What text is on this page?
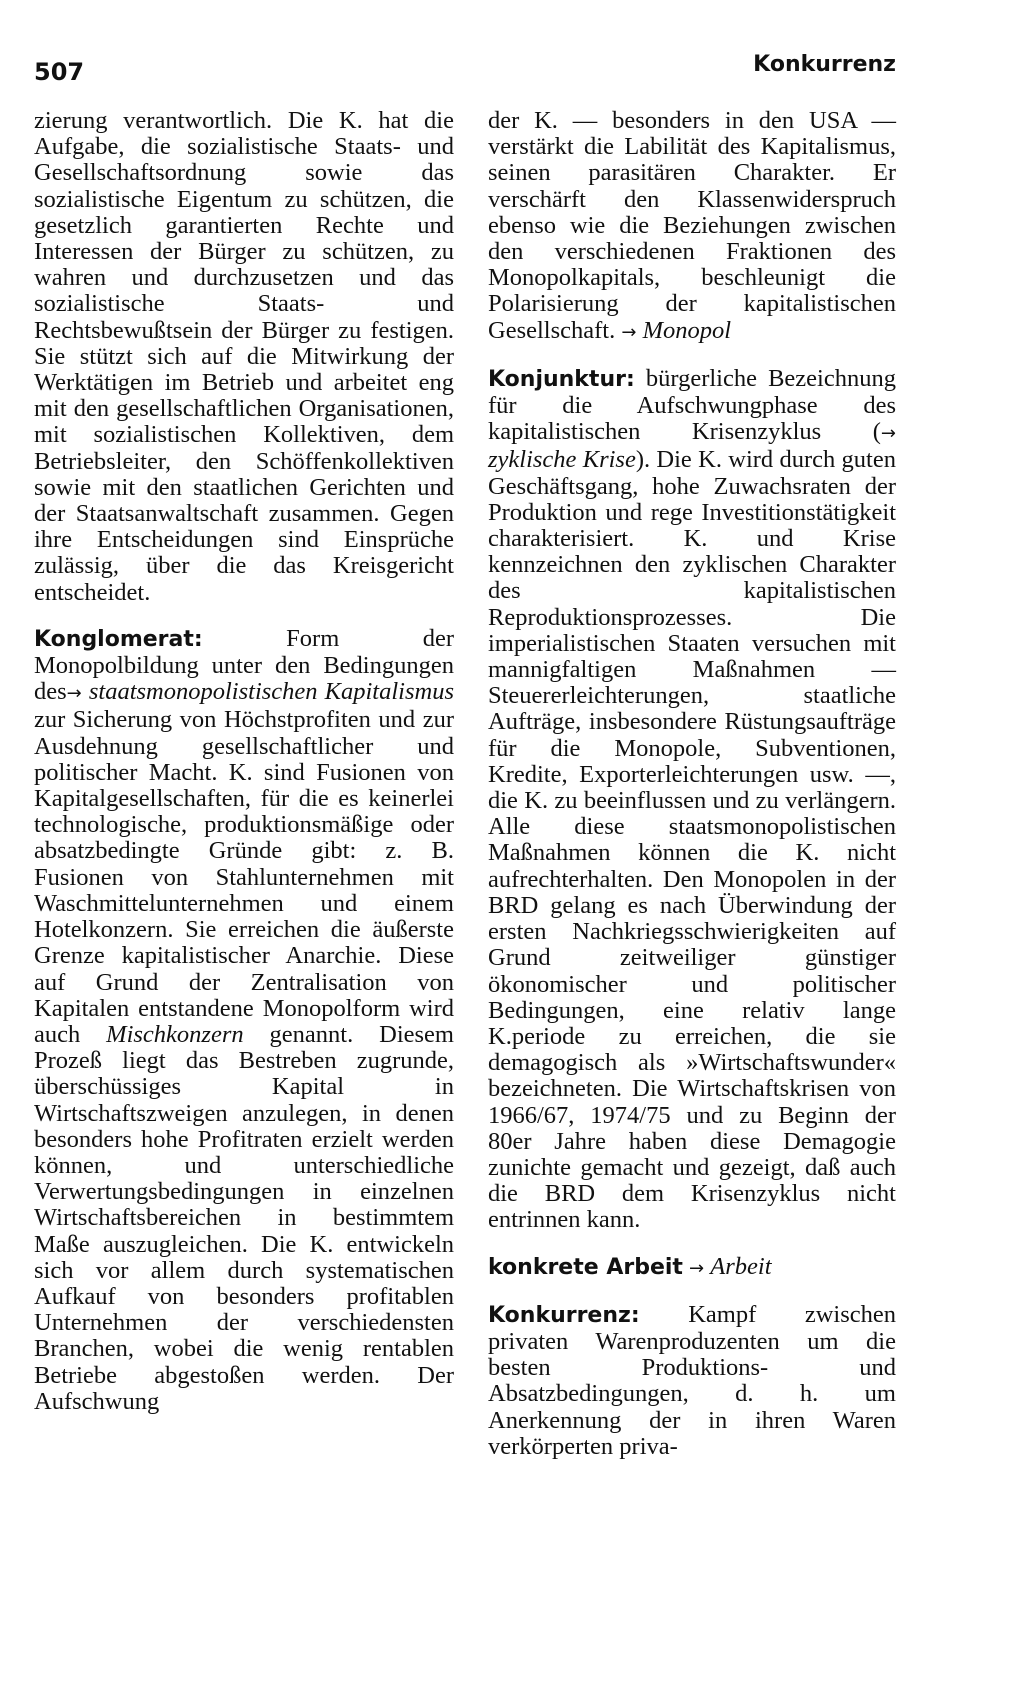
507	Konkurrenz

zierung verantwortlich. Die K. hat die Aufgabe, die sozialistische Staats- und Gesellschaftsordnung sowie das sozialistische Eigentum zu schützen, die gesetzlich garantierten Rechte und Interessen der Bürger zu schützen, zu wahren und durchzusetzen und das sozialistische Staats- und Rechtsbewußtsein der Bürger zu festigen. Sie stützt sich auf die Mitwirkung der Werktätigen im Betrieb und arbeitet eng mit den gesellschaftlichen Organisationen, mit sozialistischen Kollektiven, dem Betriebsleiter, den Schöffenkollektiven sowie mit den staatlichen Gerichten und der Staatsanwaltschaft zusammen. Gegen ihre Entscheidungen sind Einsprüche zulässig, über die das Kreisgericht entscheidet.

Konglomerat: Form der Monopolbildung unter den Bedingungen des→ staatsmonopolistischen Kapitalismus zur Sicherung von Höchstprofiten und zur Ausdehnung gesellschaftlicher und politischer Macht. K. sind Fusionen von Kapitalgesellschaften, für die es keinerlei technologische, produktionsmäßige oder absatzbedingte Gründe gibt: z. B. Fusionen von Stahlunternehmen mit Waschmittelunternehmen und einem Hotelkonzern. Sie erreichen die äußerste Grenze kapitalistischer Anarchie. Diese auf Grund der Zentralisation von Kapitalen entstandene Monopolform wird auch Mischkonzern genannt. Diesem Prozeß liegt das Bestreben zugrunde, überschüssiges Kapital in Wirtschaftszweigen anzulegen, in denen besonders hohe Profitraten erzielt werden können, und unterschiedliche Verwertungsbedingungen in einzelnen Wirtschaftsbereichen in bestimmtem Maße auszugleichen. Die K. entwickeln sich vor allem durch systematischen Aufkauf von besonders profitablen Unternehmen der verschiedensten Branchen, wobei die wenig rentablen Betriebe abgestoßen werden. Der Aufschwung

der K. — besonders in den USA — verstärkt die Labilität des Kapitalismus, seinen parasitären Charakter. Er verschärft den Klassenwiderspruch ebenso wie die Beziehungen zwischen den verschiedenen Fraktionen des Monopolkapitals, beschleunigt die Polarisierung der kapitalistischen Gesellschaft. → Monopol

Konjunktur: bürgerliche Bezeichnung für die Aufschwungphase des kapitalistischen Krisenzyklus (→ zyklische Krise). Die K. wird durch guten Geschäftsgang, hohe Zuwachsraten der Produktion und rege Investitionstätigkeit charakterisiert. K. und Krise kennzeichnen den zyklischen Charakter des kapitalistischen Reproduktionsprozesses. Die imperialistischen Staaten versuchen mit mannigfaltigen Maßnahmen — Steuererleichterungen, staatliche Aufträge, insbesondere Rüstungsaufträge für die Monopole, Subventionen, Kredite, Exporterleichterungen usw. —, die K. zu beeinflussen und zu verlängern. Alle diese staatsmonopolistischen Maßnahmen können die K. nicht aufrechterhalten. Den Monopolen in der BRD gelang es nach Überwindung der ersten Nachkriegsschwierigkeiten auf Grund zeitweiliger günstiger ökonomischer und politischer Bedingungen, eine relativ lange K.periode zu erreichen, die sie demagogisch als »Wirtschaftswunder« bezeichneten. Die Wirtschaftskrisen von 1966/67, 1974/75 und zu Beginn der 80er Jahre haben diese Demagogie zunichte gemacht und gezeigt, daß auch die BRD dem Krisenzyklus nicht entrinnen kann.

konkrete Arbeit → Arbeit

Konkurrenz: Kampf zwischen privaten Warenproduzenten um die besten Produktions- und Absatzbedingungen, d. h. um Anerkennung der in ihren Waren verkörperten priva-
